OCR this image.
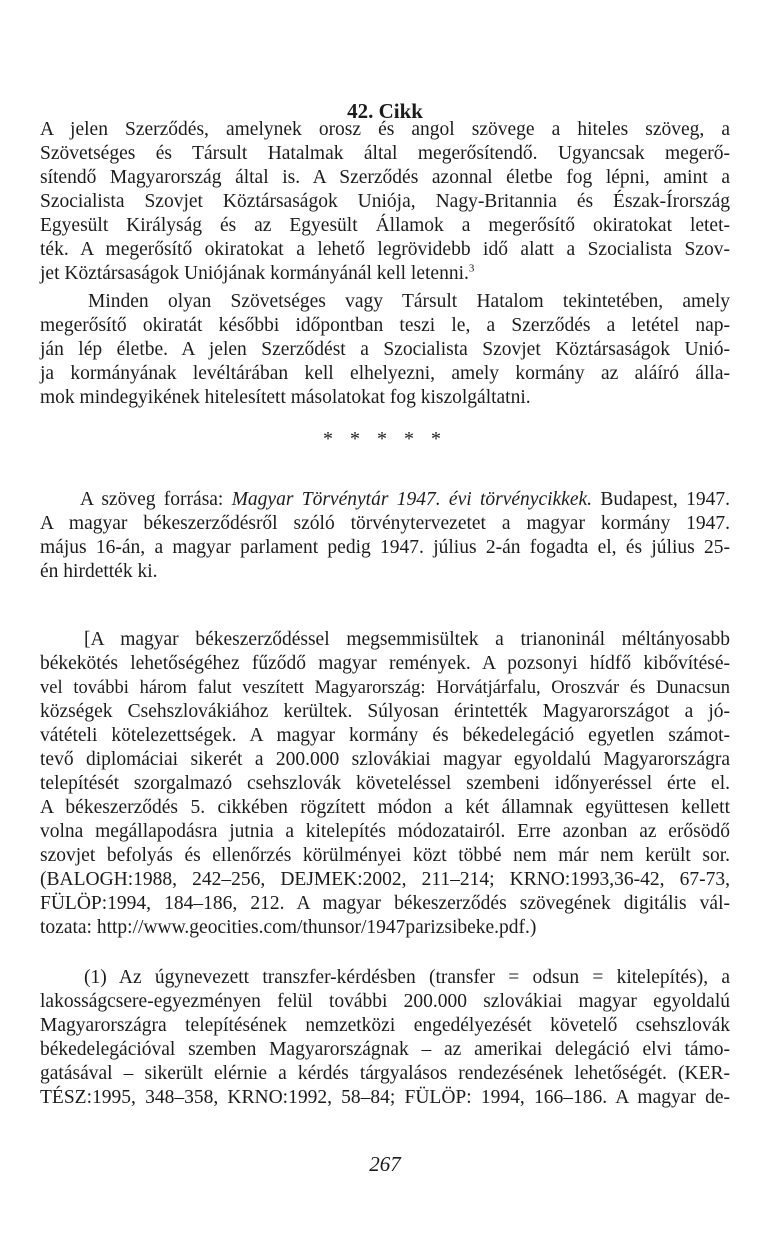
42. Cikk
A jelen Szerződés, amelynek orosz és angol szövege a hiteles szöveg, a
Szövetséges és Társult Hatalmak által megerősítendő. Ugyancsak megerő-
sítendő Magyarország által is. A Szerződés azonnal életbe fog lépni, amint a
Szocialista Szovjet Köztársaságok Uniója, Nagy-Britannia és Észak-Írország
Egyesült Királyság és az Egyesült Államok a megerősítő okiratokat letet-
ték. A megerősítő okiratokat a lehető legrövidebb idő alatt a Szocialista Szov-
jet Köztársaságok Uniójának kormányánál kell letenni.$^3$
Minden olyan Szövetséges vagy Társult Hatalom tekintetében, amely
megerősítő okiratát későbbi időpontban teszi le, a Szerződés a letétel nap-
ján lép életbe. A jelen Szerződést a Szocialista Szovjet Köztársaságok Unió-
ja kormányának levéltárában kell elhelyezni, amely kormány az aláíró álla-
mok mindegyikének hitelesített másolatokat fog kiszolgáltatni.
* * * * *
A szöveg forrása: Magyar Törvénytár 1947. évi törvénycikkek. Budapest, 1947.
A magyar békeszerződésről szóló törvénytervezetet a magyar kormány 1947.
május 16-án, a magyar parlament pedig 1947. július 2-án fogadta el, és július 25-
én hirdették ki.
[A magyar békeszerződéssel megsemmisültek a trianoninál méltányosabb
békekötés lehetőségéhez fűződő magyar remények. A pozsonyi hídfő kibővítésé-
vel további három falut veszített Magyarország: Horvátjárfalu, Oroszvár és Dunacsun
községek Csehszlovákiához kerültek. Súlyosan érintették Magyarországot a jó-
vátételi kötelezettségek. A magyar kormány és békedelegáció egyetlen számot-
tevő diplomáciai sikerét a 200.000 szlovákiai magyar egyoldalú Magyarországra
telepítését szorgalmazó csehszlovák követeléssel szembeni időnyeréssel érte el.
A békeszerződés 5. cikkében rögzített módon a két államnak együttesen kellett
volna megállapodásra jutnia a kitelepítés módozatairól. Erre azonban az erősödő
szovjet befolyás és ellenőrzés körülményei közt többé nem már nem került sor.
(BALOGH:1988, 242–256, DEJMEK:2002, 211–214; KRNO:1993,36-42, 67-73,
FÜLÖP:1994, 184–186, 212. A magyar békeszerződés szövegének digitális vál-
tozata: http://www.geocities.com/thunsor/1947parizsibeke.pdf.)
(1) Az úgynevezett transzfer-kérdésben (transfer = odsun = kitelepítés), a
lakosságcsere-egyezményen felül további 200.000 szlovákiai magyar egyoldalú
Magyarországra telepítésének nemzetközi engedélyezését követelő csehszlovák
békedelegációval szemben Magyarországnak – az amerikai delegáció elvi támo-
gatásával – sikerült elérnie a kérdés tárgyalásos rendezésének lehetőségét. (KER-
TÉSZ:1995, 348–358, KRNO:1992, 58–84; FÜLÖP: 1994, 166–186. A magyar de-
267
